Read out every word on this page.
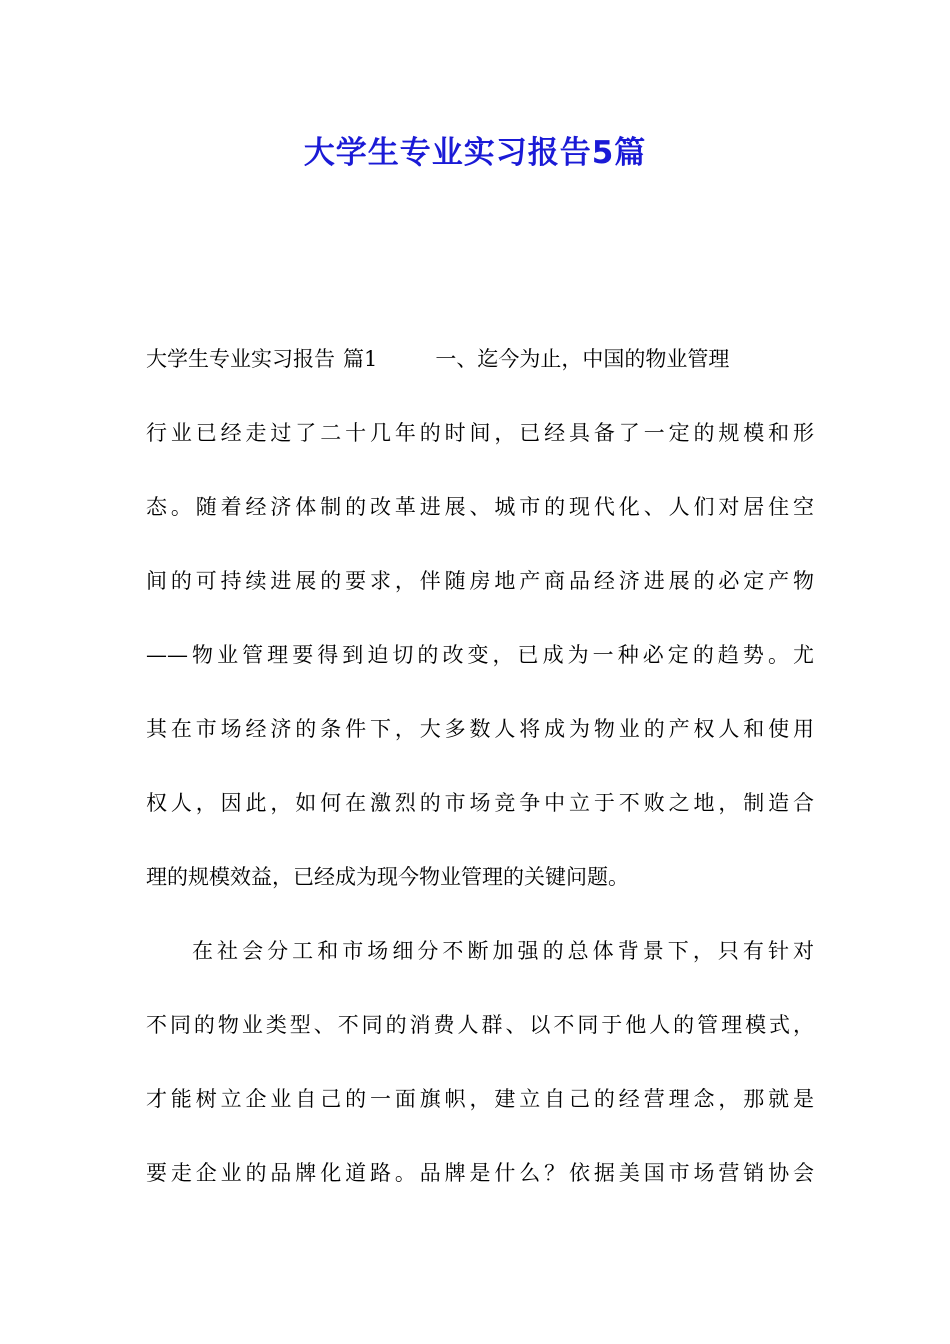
大学生专业实习报告5篇
大学生专业实习报告 篇1	一、迄今为止，中国的物业管理
行业已经走过了二十几年的时间，已经具备了一定的规模和形
态。随着经济体制的改革进展、城市的现代化、人们对居住空
间的可持续进展的要求，伴随房地产商品经济进展的必定产物
——物业管理要得到迫切的改变，已成为一种必定的趋势。尤
其在市场经济的条件下，大多数人将成为物业的产权人和使用
权人，因此，如何在激烈的市场竞争中立于不败之地，制造合
理的规模效益，已经成为现今物业管理的关键问题。
在社会分工和市场细分不断加强的总体背景下，只有针对
不同的物业类型、不同的消费人群、以不同于他人的管理模式，
才能树立企业自己的一面旗帜，建立自己的经营理念，那就是
要走企业的品牌化道路。品牌是什么？依据美国市场营销协会
